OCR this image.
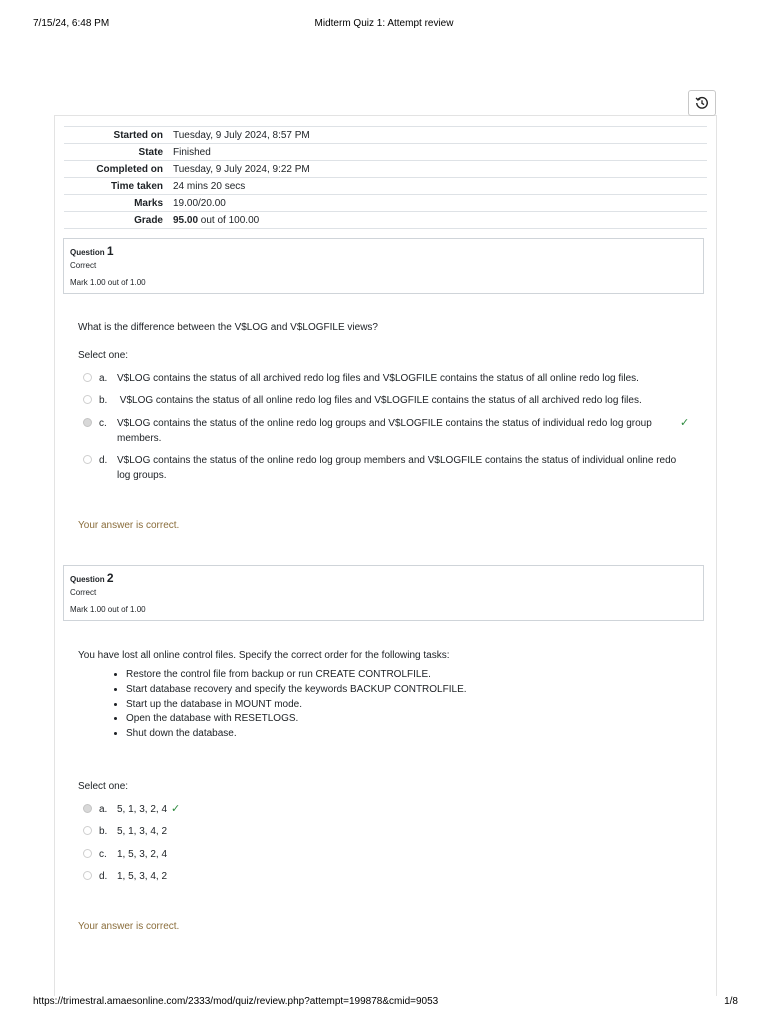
7/15/24, 6:48 PM	Midterm Quiz 1: Attempt review
https://trimestral.amaesonline.com/2333/mod/quiz/review.php?attempt=199878&cmid=9053	1/8
Started on	Tuesday, 9 July 2024, 8:57 PM
State	Finished
Completed on	Tuesday, 9 July 2024, 9:22 PM
Time taken	24 mins 20 secs
Marks	19.00/20.00
Grade	95.00 out of 100.00
Question 1
Correct
Mark 1.00 out of 1.00
What is the difference between the V$LOG and V$LOGFILE views?
Select one:
a. V$LOG contains the status of all archived redo log files and V$LOGFILE contains the status of all online redo log files.
b. V$LOG contains the status of all online redo log files and V$LOGFILE contains the status of all archived redo log files.
c. V$LOG contains the status of the online redo log groups and V$LOGFILE contains the status of individual redo log group members.
✓
d. V$LOG contains the status of the online redo log group members and V$LOGFILE contains the status of individual online redo log groups.
Your answer is correct.
Question 2
Correct
Mark 1.00 out of 1.00
You have lost all online control files. Specify the correct order for the following tasks:
• Restore the control file from backup or run CREATE CONTROLFILE.
• Start database recovery and specify the keywords BACKUP CONTROLFILE.
• Start up the database in MOUNT mode.
• Open the database with RESETLOGS.
• Shut down the database.
Select one:
a. 5, 1, 3, 2, 4 ✓
b. 5, 1, 3, 4, 2
c. 1, 5, 3, 2, 4
d. 1, 5, 3, 4, 2
Your answer is correct.
